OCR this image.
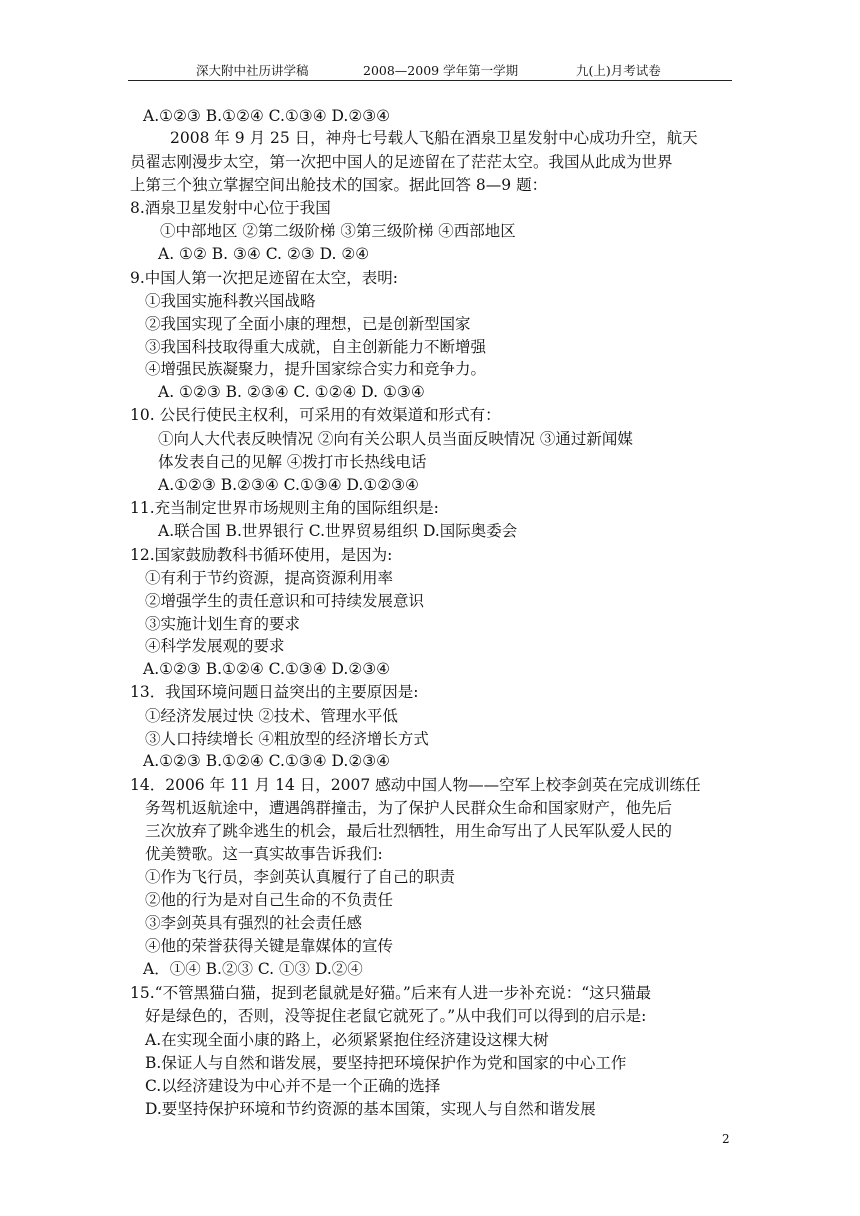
深大附中社历讲学稿	2008—2009 学年第一学期	九(上)月考试卷
A.①②③ B.①②④ C.①③④ D.②③④
2008 年 9 月 25 日，神舟七号载人飞船在酒泉卫星发射中心成功升空，航天
员翟志刚漫步太空，第一次把中国人的足迹留在了茫茫太空。我国从此成为世界
上第三个独立掌握空间出舱技术的国家。据此回答 8—9 题：
8.酒泉卫星发射中心位于我国
①中部地区 ②第二级阶梯 ③第三级阶梯 ④西部地区
A. ①② B. ③④ C. ②③ D. ②④
9.中国人第一次把足迹留在太空，表明:
①我国实施科教兴国战略
②我国实现了全面小康的理想，已是创新型国家
③我国科技取得重大成就，自主创新能力不断增强
④增强民族凝聚力，提升国家综合实力和竞争力。
A. ①②③ B. ②③④ C. ①②④ D. ①③④
10. 公民行使民主权利，可采用的有效渠道和形式有：
①向人大代表反映情况 ②向有关公职人员当面反映情况 ③通过新闻媒
体发表自己的见解 ④拨打市长热线电话
A.①②③ B.②③④ C.①③④ D.①②③④
11.充当制定世界市场规则主角的国际组织是:
A.联合国 B.世界银行 C.世界贸易组织 D.国际奥委会
12.国家鼓励教科书循环使用，是因为:
①有利于节约资源，提高资源利用率
②增强学生的责任意识和可持续发展意识
③实施计划生育的要求
④科学发展观的要求
A.①②③ B.①②④ C.①③④ D.②③④
13．我国环境问题日益突出的主要原因是:
①经济发展过快 ②技术、管理水平低
③人口持续增长 ④粗放型的经济增长方式
A.①②③ B.①②④ C.①③④ D.②③④
14．2006 年 11 月 14 日，2007 感动中国人物——空军上校李剑英在完成训练任
务驾机返航途中，遭遇鸽群撞击，为了保护人民群众生命和国家财产，他先后
三次放弃了跳伞逃生的机会，最后壮烈牺牲，用生命写出了人民军队爱人民的
优美赞歌。这一真实故事告诉我们:
①作为飞行员，李剑英认真履行了自己的职责
②他的行为是对自己生命的不负责任
③李剑英具有强烈的社会责任感
④他的荣誉获得关键是靠媒体的宣传
A．①④ B.②③ C. ①③ D.②④
15.“不管黑猫白猫，捉到老鼠就是好猫。”后来有人进一步补充说：“这只猫最
好是绿色的，否则，没等捉住老鼠它就死了。”从中我们可以得到的启示是:
A.在实现全面小康的路上，必须紧紧抱住经济建设这棵大树
B.保证人与自然和谐发展，要坚持把环境保护作为党和国家的中心工作
C.以经济建设为中心并不是一个正确的选择
D.要坚持保护环境和节约资源的基本国策，实现人与自然和谐发展
2
